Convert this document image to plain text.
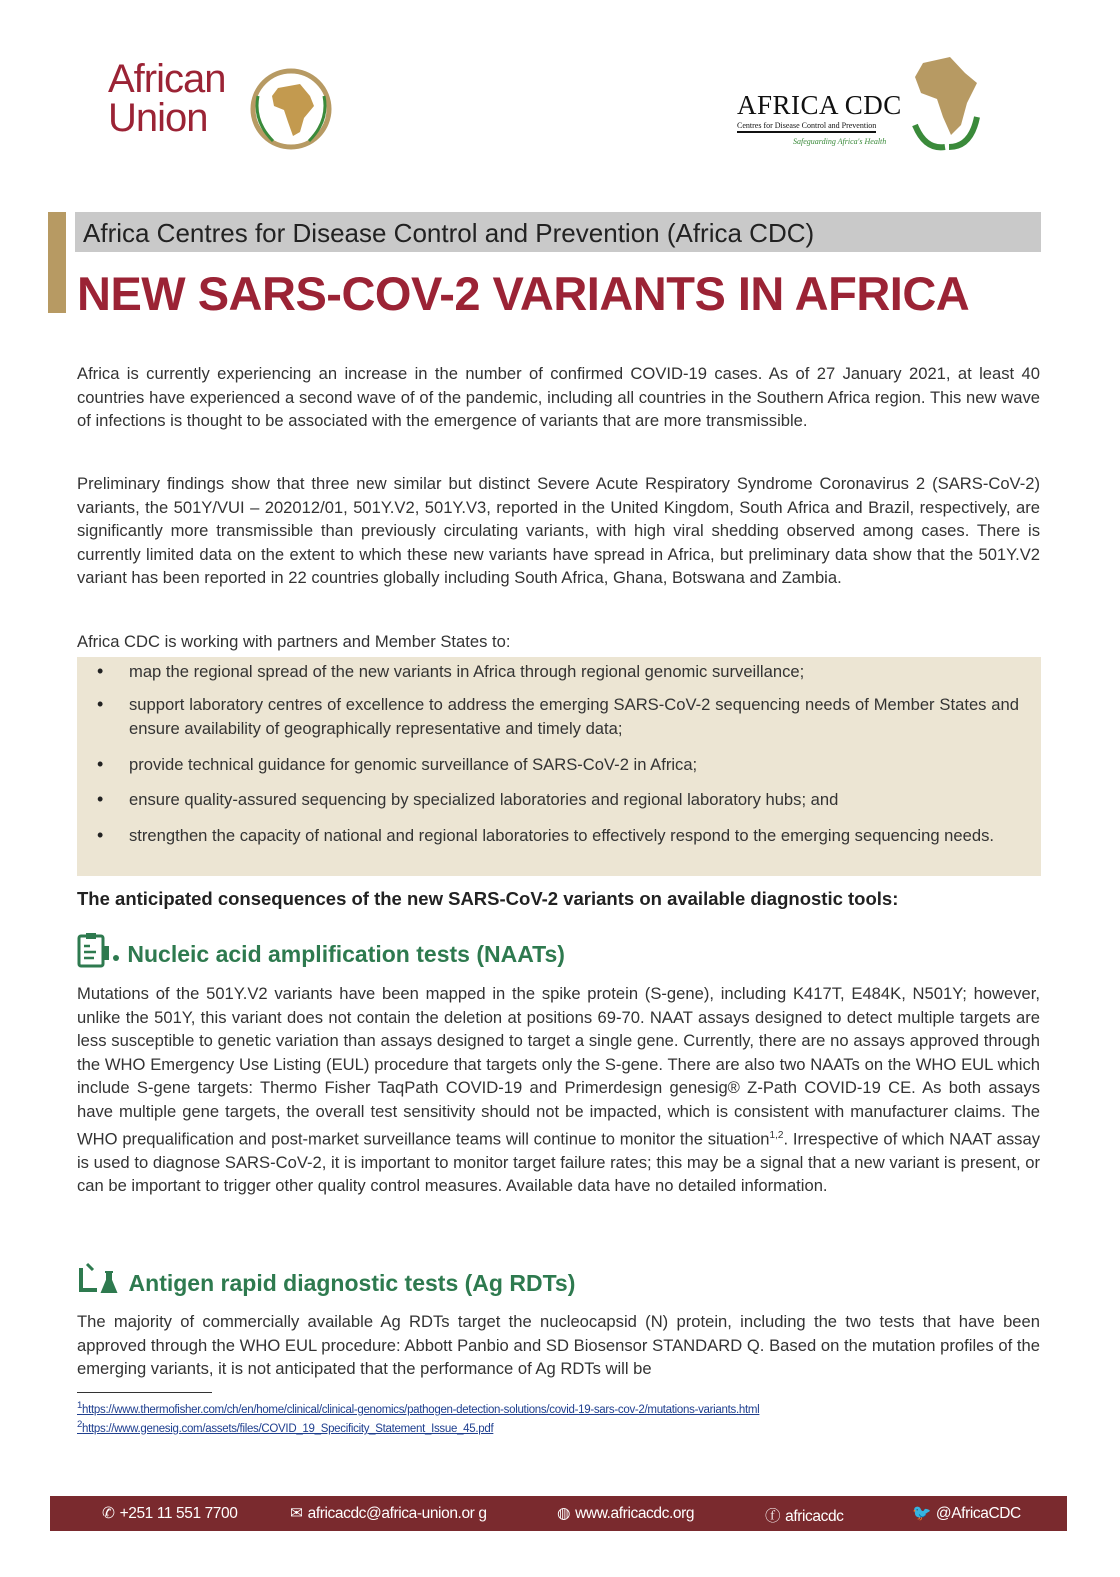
African
Union	AFRICA CDC
Centres for Disease Control and Prevention
Safeguarding Africa's Health
Africa Centres for Disease Control and Prevention (Africa CDC)
NEW SARS-COV-2 VARIANTS IN AFRICA

Africa is currently experiencing an increase in the number of confirmed COVID-19 cases. As of 27 January 2021, at least 40 countries have experienced a second wave of of the pandemic, including all countries in the Southern Africa region. This new wave of infections is thought to be associated with the emergence of variants that are more transmissible.

Preliminary findings show that three new similar but distinct Severe Acute Respiratory Syndrome Coronavirus 2 (SARS-CoV-2) variants, the 501Y/VUI – 202012/01, 501Y.V2, 501Y.V3, reported in the United Kingdom, South Africa and Brazil, respectively, are significantly more transmissible than previously circulating variants, with high viral shedding observed among cases. There is currently limited data on the extent to which these new variants have spread in Africa, but preliminary data show that the 501Y.V2 variant has been reported in 22 countries globally including South Africa, Ghana, Botswana and Zambia.

Africa CDC is working with partners and Member States to:

• map the regional spread of the new variants in Africa through regional genomic surveillance;
• support laboratory centres of excellence to address the emerging SARS-CoV-2 sequencing needs of Member States and ensure availability of geographically representative and timely data;
• provide technical guidance for genomic surveillance of SARS-CoV-2 in Africa;
• ensure quality-assured sequencing by specialized laboratories and regional laboratory hubs; and
• strengthen the capacity of national and regional laboratories to effectively respond to the emerging sequencing needs.
The anticipated consequences of the new SARS-CoV-2 variants on available diagnostic tools:
Nucleic acid amplification tests (NAATs)

Mutations of the 501Y.V2 variants have been mapped in the spike protein (S-gene), including K417T, E484K, N501Y; however, unlike the 501Y, this variant does not contain the deletion at positions 69-70. NAAT assays designed to detect multiple targets are less susceptible to genetic variation than assays designed to target a single gene. Currently, there are no assays approved through the WHO Emergency Use Listing (EUL) procedure that targets only the S-gene. There are also two NAATs on the WHO EUL which include S-gene targets: Thermo Fisher TaqPath COVID-19 and Primerdesign genesig® Z-Path COVID-19 CE. As both assays have multiple gene targets, the overall test sensitivity should not be impacted, which is consistent with manufacturer claims. The WHO prequalification and post-market surveillance teams will continue to monitor the situation$^{1,2}$. Irrespective of which NAAT assay is used to diagnose SARS-CoV-2, it is important to monitor target failure rates; this may be a signal that a new variant is present, or can be important to trigger other quality control measures. Available data have no detailed information.

Antigen rapid diagnostic tests (Ag RDTs)

The majority of commercially available Ag RDTs target the nucleocapsid (N) protein, including the two tests that have been approved through the WHO EUL procedure: Abbott Panbio and SD Biosensor STANDARD Q. Based on the mutation profiles of the emerging variants, it is not anticipated that the performance of Ag RDTs will be

$^1$https://www.thermofisher.com/ch/en/home/clinical/clinical-genomics/pathogen-detection-solutions/covid-19-sars-cov-2/mutations-variants.html
$^2$https://www.genesig.com/assets/files/COVID_19_Specificity_Statement_Issue_45.pdf
✆ +251 11 551 7700	✉ africacdc@africa-union.or g	◍ www.africacdc.org	ⓕ africacdc	🐦 @AfricaCDC
